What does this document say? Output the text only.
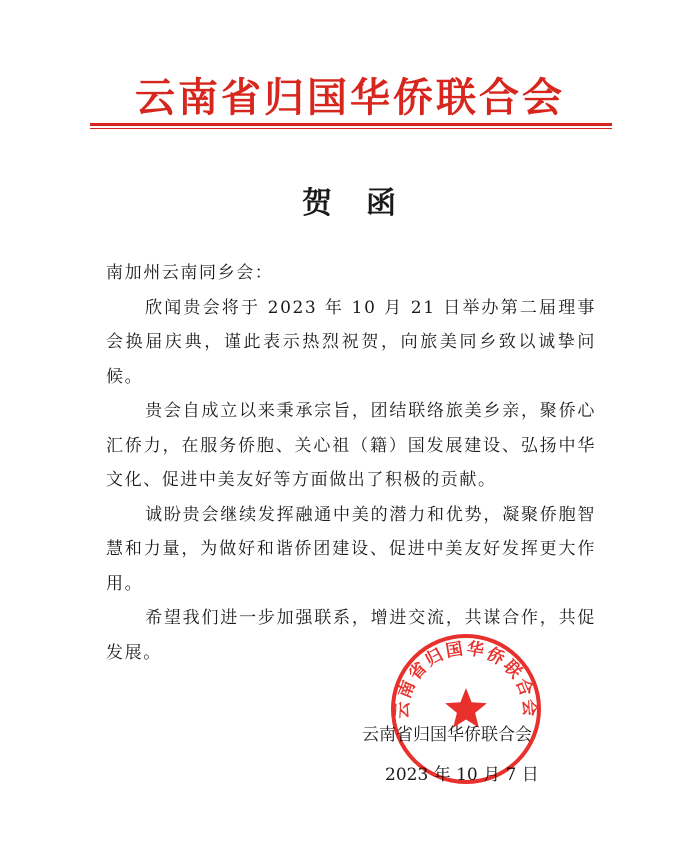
云南省归国华侨联合会
贺　函

南加州云南同乡会：

欣闻贵会将于 2023 年 10 月 21 日举办第二届理事会换届庆典，谨此表示热烈祝贺，向旅美同乡致以诚挚问候。

贵会自成立以来秉承宗旨，团结联络旅美乡亲，聚侨心汇侨力，在服务侨胞、关心祖（籍）国发展建设、弘扬中华文化、促进中美友好等方面做出了积极的贡献。

诚盼贵会继续发挥融通中美的潜力和优势，凝聚侨胞智慧和力量，为做好和谐侨团建设、促进中美友好发挥更大作用。

希望我们进一步加强联系，增进交流，共谋合作，共促发展。

云南省归国华侨联合会
2023 年 10 月 7 日
云南省归国华侨联合会
